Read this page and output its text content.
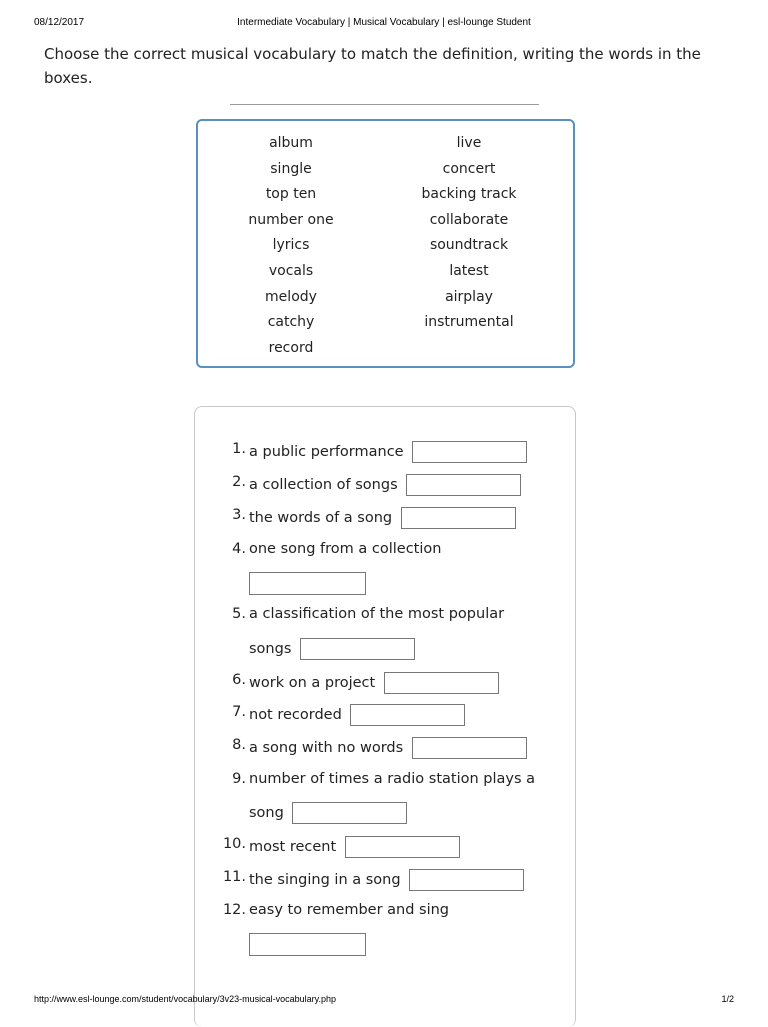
08/12/2017	Intermediate Vocabulary | Musical Vocabulary | esl-lounge Student
Choose the correct musical vocabulary to match the definition, writing the words in the boxes.
album
single
top ten
number one
lyrics
vocals
melody
catchy
record
live
concert
backing track
collaborate
soundtrack
latest
airplay
instrumental
1. a public performance
2. a collection of songs
3. the words of a song
4. one song from a collection
5. a classification of the most popular
songs
6. work on a project
7. not recorded
8. a song with no words
9. number of times a radio station plays a
song
10. most recent
11. the singing in a song
12. easy to remember and sing
http://www.esl-lounge.com/student/vocabulary/3v23-musical-vocabulary.php	1/2
